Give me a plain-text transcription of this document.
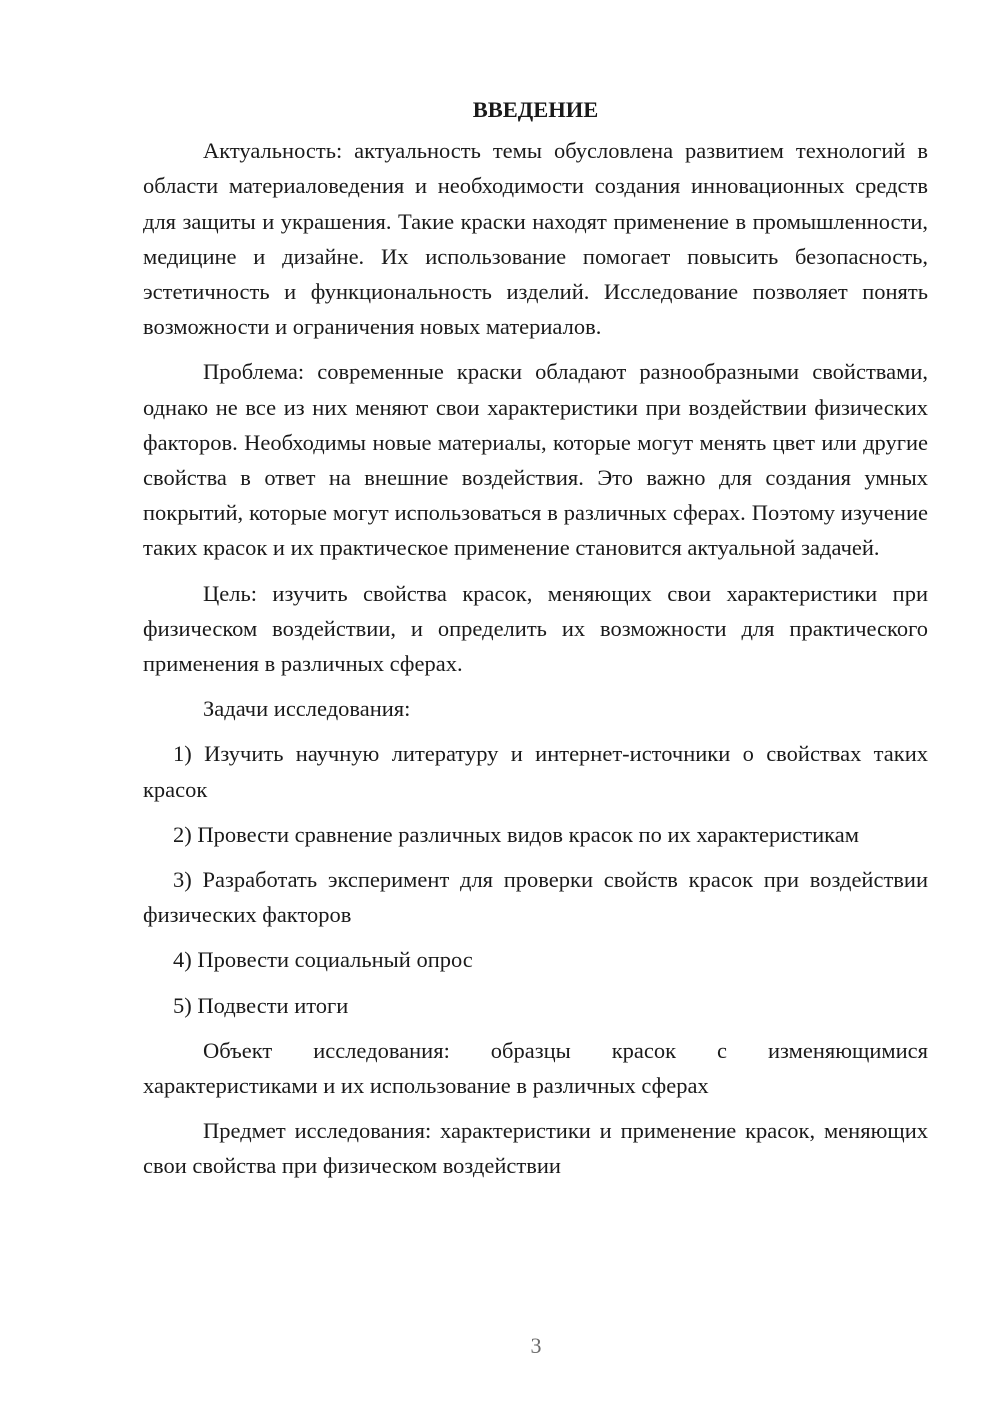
ВВЕДЕНИЕ

Актуальность: актуальность темы обусловлена развитием технологий в области материаловедения и необходимости создания инновационных средств для защиты и украшения. Такие краски находят применение в промышленности, медицине и дизайне. Их использование помогает повысить безопасность, эстетичность и функциональность изделий. Исследование позволяет понять возможности и ограничения новых материалов.

Проблема: современные краски обладают разнообразными свойствами, однако не все из них меняют свои характеристики при воздействии физических факторов. Необходимы новые материалы, которые могут менять цвет или другие свойства в ответ на внешние воздействия. Это важно для создания умных покрытий, которые могут использоваться в различных сферах. Поэтому изучение таких красок и их практическое применение становится актуальной задачей.

Цель: изучить свойства красок, меняющих свои характеристики при физическом воздействии, и определить их возможности для практического применения в различных сферах.

Задачи исследования:

1) Изучить научную литературу и интернет-источники о свойствах таких красок

2) Провести сравнение различных видов красок по их характеристикам

3) Разработать эксперимент для проверки свойств красок при воздействии физических факторов

4) Провести социальный опрос

5) Подвести итоги

Объект исследования: образцы красок с изменяющимися характеристиками и их использование в различных сферах

Предмет исследования: характеристики и применение красок, меняющих свои свойства при физическом воздействии

3
